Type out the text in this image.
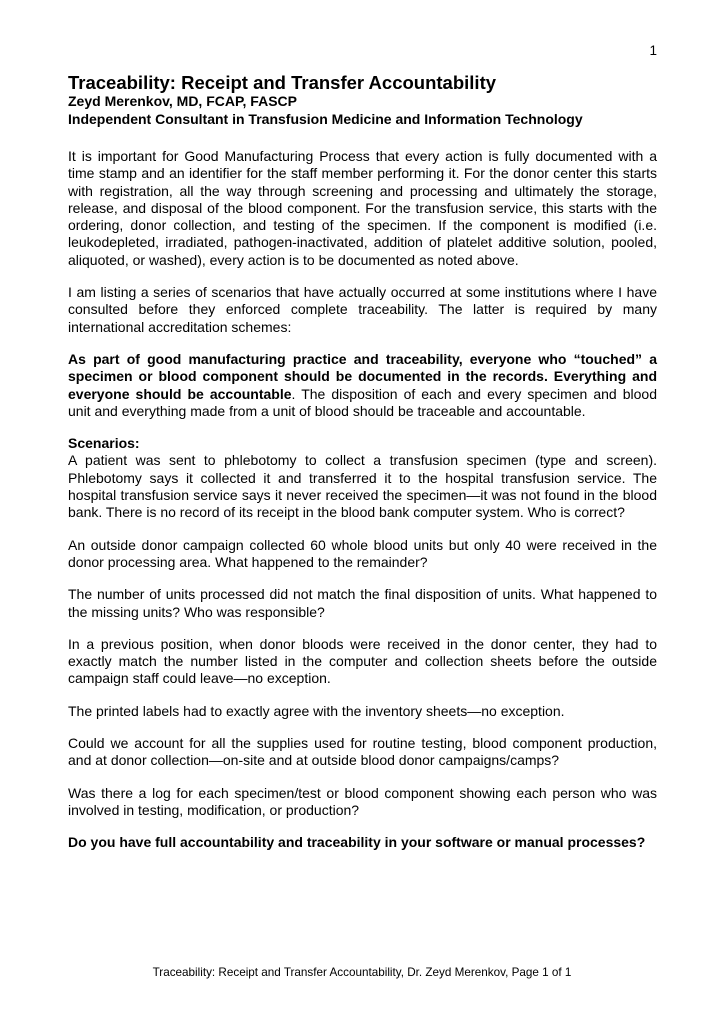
1
Traceability: Receipt and Transfer Accountability
Zeyd Merenkov, MD, FCAP, FASCP
Independent Consultant in Transfusion Medicine and Information Technology

It is important for Good Manufacturing Process that every action is fully documented with a time stamp and an identifier for the staff member performing it. For the donor center this starts with registration, all the way through screening and processing and ultimately the storage, release, and disposal of the blood component. For the transfusion service, this starts with the ordering, donor collection, and testing of the specimen. If the component is modified (i.e. leukodepleted, irradiated, pathogen-inactivated, addition of platelet additive solution, pooled, aliquoted, or washed), every action is to be documented as noted above.

I am listing a series of scenarios that have actually occurred at some institutions where I have consulted before they enforced complete traceability. The latter is required by many international accreditation schemes:

As part of good manufacturing practice and traceability, everyone who “touched” a specimen or blood component should be documented in the records. Everything and everyone should be accountable. The disposition of each and every specimen and blood unit and everything made from a unit of blood should be traceable and accountable.

Scenarios:

A patient was sent to phlebotomy to collect a transfusion specimen (type and screen). Phlebotomy says it collected it and transferred it to the hospital transfusion service. The hospital transfusion service says it never received the specimen—it was not found in the blood bank. There is no record of its receipt in the blood bank computer system. Who is correct?

An outside donor campaign collected 60 whole blood units but only 40 were received in the donor processing area. What happened to the remainder?

The number of units processed did not match the final disposition of units. What happened to the missing units? Who was responsible?

In a previous position, when donor bloods were received in the donor center, they had to exactly match the number listed in the computer and collection sheets before the outside campaign staff could leave—no exception.

The printed labels had to exactly agree with the inventory sheets—no exception.

Could we account for all the supplies used for routine testing, blood component production, and at donor collection—on-site and at outside blood donor campaigns/camps?

Was there a log for each specimen/test or blood component showing each person who was involved in testing, modification, or production?

Do you have full accountability and traceability in your software or manual processes?

Traceability: Receipt and Transfer Accountability, Dr. Zeyd Merenkov, Page 1 of 1
